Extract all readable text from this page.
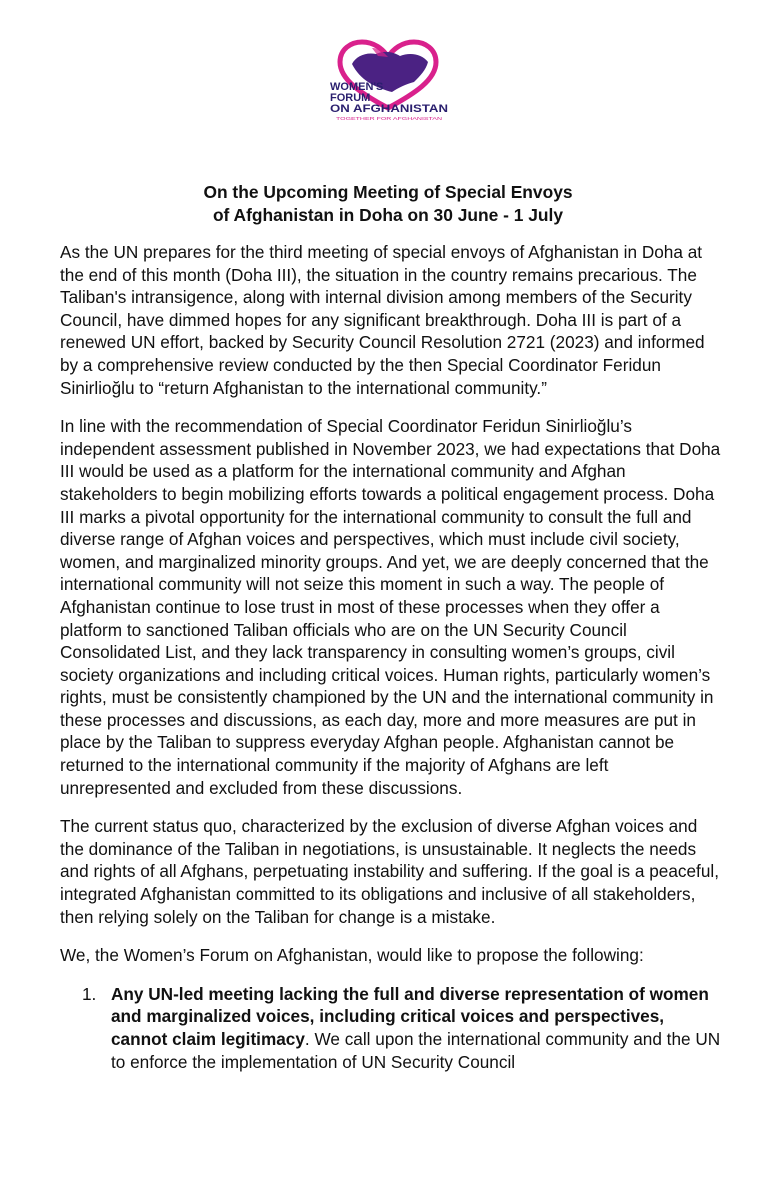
WOMEN'S
FORUM
ON AFGHANISTAN
TOGETHER FOR AFGHANISTAN
On the Upcoming Meeting of Special Envoys
of Afghanistan in Doha on 30 June - 1 July

As the UN prepares for the third meeting of special envoys of Afghanistan in Doha at the end of this month (Doha III), the situation in the country remains precarious. The Taliban's intransigence, along with internal division among members of the Security Council, have dimmed hopes for any significant breakthrough. Doha III is part of a renewed UN effort, backed by Security Council Resolution 2721 (2023) and informed by a comprehensive review conducted by the then Special Coordinator Feridun Sinirlioğlu to “return Afghanistan to the international community.”

In line with the recommendation of Special Coordinator Feridun Sinirlioğlu’s independent assessment published in November 2023, we had expectations that Doha III would be used as a platform for the international community and Afghan stakeholders to begin mobilizing efforts towards a political engagement process. Doha III marks a pivotal opportunity for the international community to consult the full and diverse range of Afghan voices and perspectives, which must include civil society, women, and marginalized minority groups. And yet, we are deeply concerned that the international community will not seize this moment in such a way. The people of Afghanistan continue to lose trust in most of these processes when they offer a platform to sanctioned Taliban officials who are on the UN Security Council Consolidated List, and they lack transparency in consulting women’s groups, civil society organizations and including critical voices. Human rights, particularly women’s rights, must be consistently championed by the UN and the international community in these processes and discussions, as each day, more and more measures are put in place by the Taliban to suppress everyday Afghan people. Afghanistan cannot be returned to the international community if the majority of Afghans are left unrepresented and excluded from these discussions.

The current status quo, characterized by the exclusion of diverse Afghan voices and the dominance of the Taliban in negotiations, is unsustainable. It neglects the needs and rights of all Afghans, perpetuating instability and suffering. If the goal is a peaceful, integrated Afghanistan committed to its obligations and inclusive of all stakeholders, then relying solely on the Taliban for change is a mistake.

We, the Women’s Forum on Afghanistan, would like to propose the following:

1. Any UN-led meeting lacking the full and diverse representation of women and marginalized voices, including critical voices and perspectives, cannot claim legitimacy. We call upon the international community and the UN to enforce the implementation of UN Security Council
